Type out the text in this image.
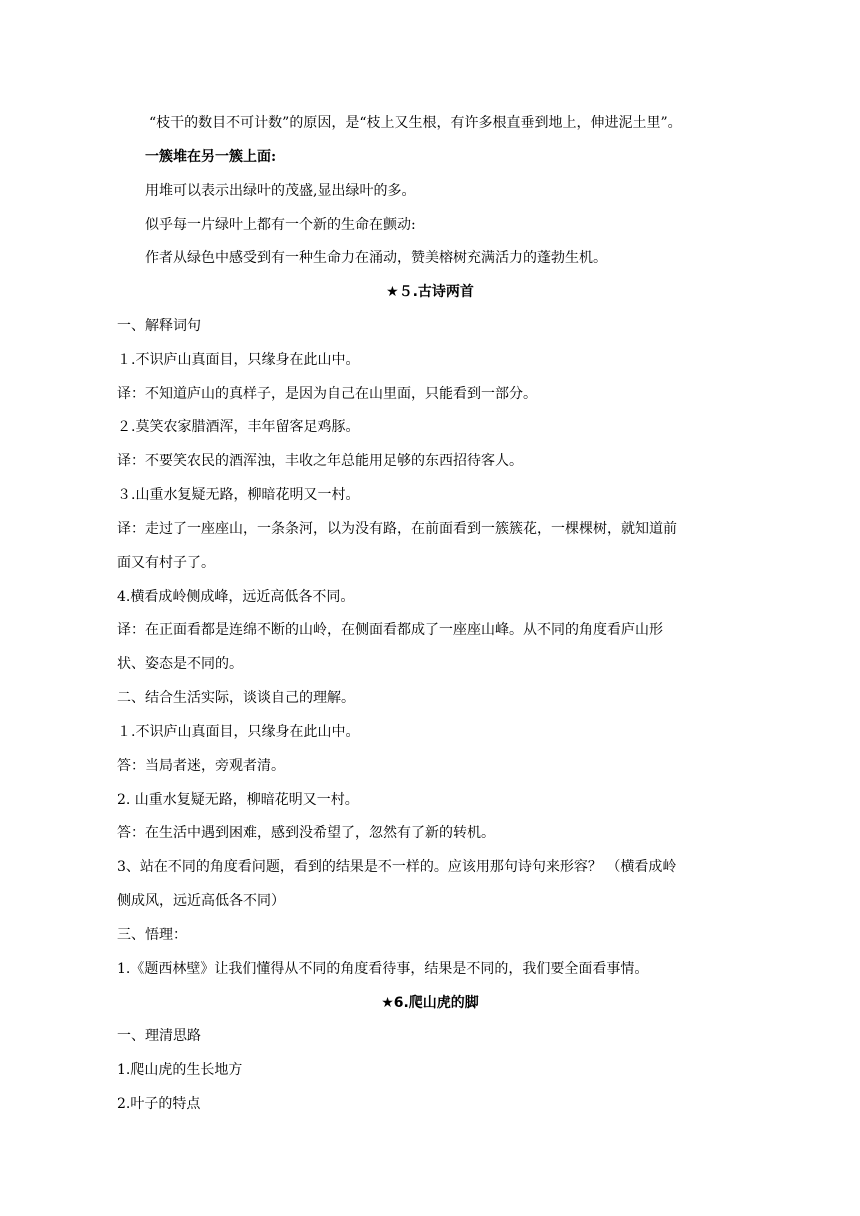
“枝干的数目不可计数”的原因，是“枝上又生根，有许多根直垂到地上，伸进泥土里”。
一簇堆在另一簇上面:
用堆可以表示出绿叶的茂盛,显出绿叶的多。
似乎每一片绿叶上都有一个新的生命在颤动:
作者从绿色中感受到有一种生命力在涌动，赞美榕树充满活力的蓬勃生机。
★５.古诗两首
一、解释词句
１.不识庐山真面目，只缘身在此山中。
译：不知道庐山的真样子，是因为自己在山里面，只能看到一部分。
２.莫笑农家腊酒浑，丰年留客足鸡豚。
译：不要笑农民的酒浑浊，丰收之年总能用足够的东西招待客人。
３.山重水复疑无路，柳暗花明又一村。
译：走过了一座座山，一条条河，以为没有路，在前面看到一簇簇花，一棵棵树，就知道前
面又有村子了。
4.横看成岭侧成峰，远近高低各不同。
译：在正面看都是连绵不断的山岭，在侧面看都成了一座座山峰。从不同的角度看庐山形
状、姿态是不同的。
二、结合生活实际，谈谈自己的理解。
１.不识庐山真面目，只缘身在此山中。
答：当局者迷，旁观者清。
2. 山重水复疑无路，柳暗花明又一村。
答：在生活中遇到困难，感到没希望了，忽然有了新的转机。
3、站在不同的角度看问题，看到的结果是不一样的。应该用那句诗句来形容？ （横看成岭
侧成风，远近高低各不同）
三、悟理：
1.《题西林壁》让我们懂得从不同的角度看待事，结果是不同的，我们要全面看事情。
★6.爬山虎的脚
一、理清思路
1.爬山虎的生长地方
2.叶子的特点
